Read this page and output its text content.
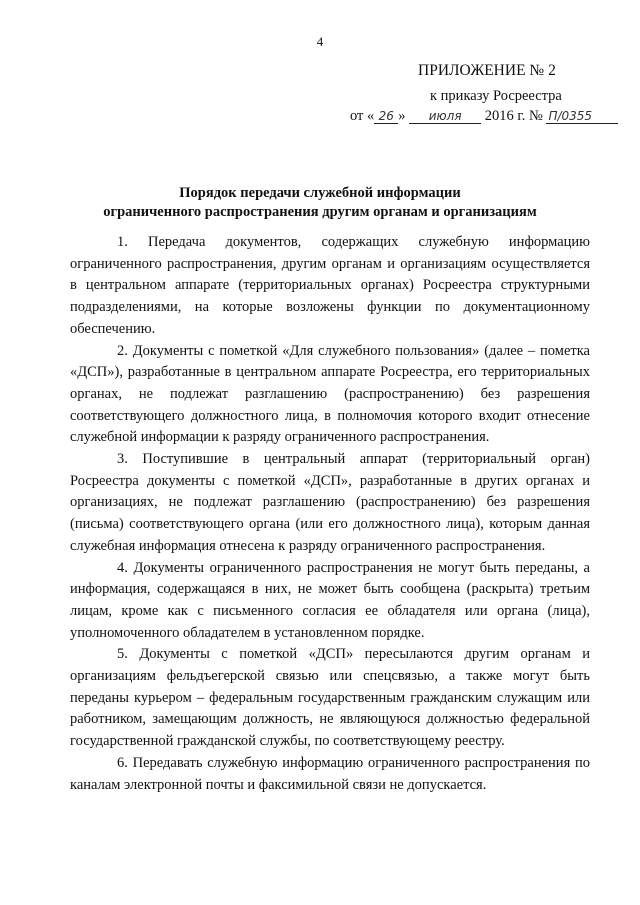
4
ПРИЛОЖЕНИЕ № 2
к приказу Росреестра
от « 26 » июля 2016 г. № П/0355
Порядок передачи служебной информации
ограниченного распространения другим органам и организациям

1. Передача документов, содержащих служебную информацию ограниченного распространения, другим органам и организациям осуществляется в центральном аппарате (территориальных органах) Росреестра структурными подразделениями, на которые возложены функции по документационному обеспечению.

2. Документы с пометкой «Для служебного пользования» (далее – пометка «ДСП»), разработанные в центральном аппарате Росреестра, его территориальных органах, не подлежат разглашению (распространению) без разрешения соответствующего должностного лица, в полномочия которого входит отнесение служебной информации к разряду ограниченного распространения.

3. Поступившие в центральный аппарат (территориальный орган) Росреестра документы с пометкой «ДСП», разработанные в других органах и организациях, не подлежат разглашению (распространению) без разрешения (письма) соответствующего органа (или его должностного лица), которым данная служебная информация отнесена к разряду ограниченного распространения.

4. Документы ограниченного распространения не могут быть переданы, а информация, содержащаяся в них, не может быть сообщена (раскрыта) третьим лицам, кроме как с письменного согласия ее обладателя или органа (лица), уполномоченного обладателем в установленном порядке.

5. Документы с пометкой «ДСП» пересылаются другим органам и организациям фельдъегерской связью или спецсвязью, а также могут быть переданы курьером – федеральным государственным гражданским служащим или работником, замещающим должность, не являющуюся должностью федеральной государственной гражданской службы, по соответствующему реестру.

6. Передавать служебную информацию ограниченного распространения по каналам электронной почты и факсимильной связи не допускается.
